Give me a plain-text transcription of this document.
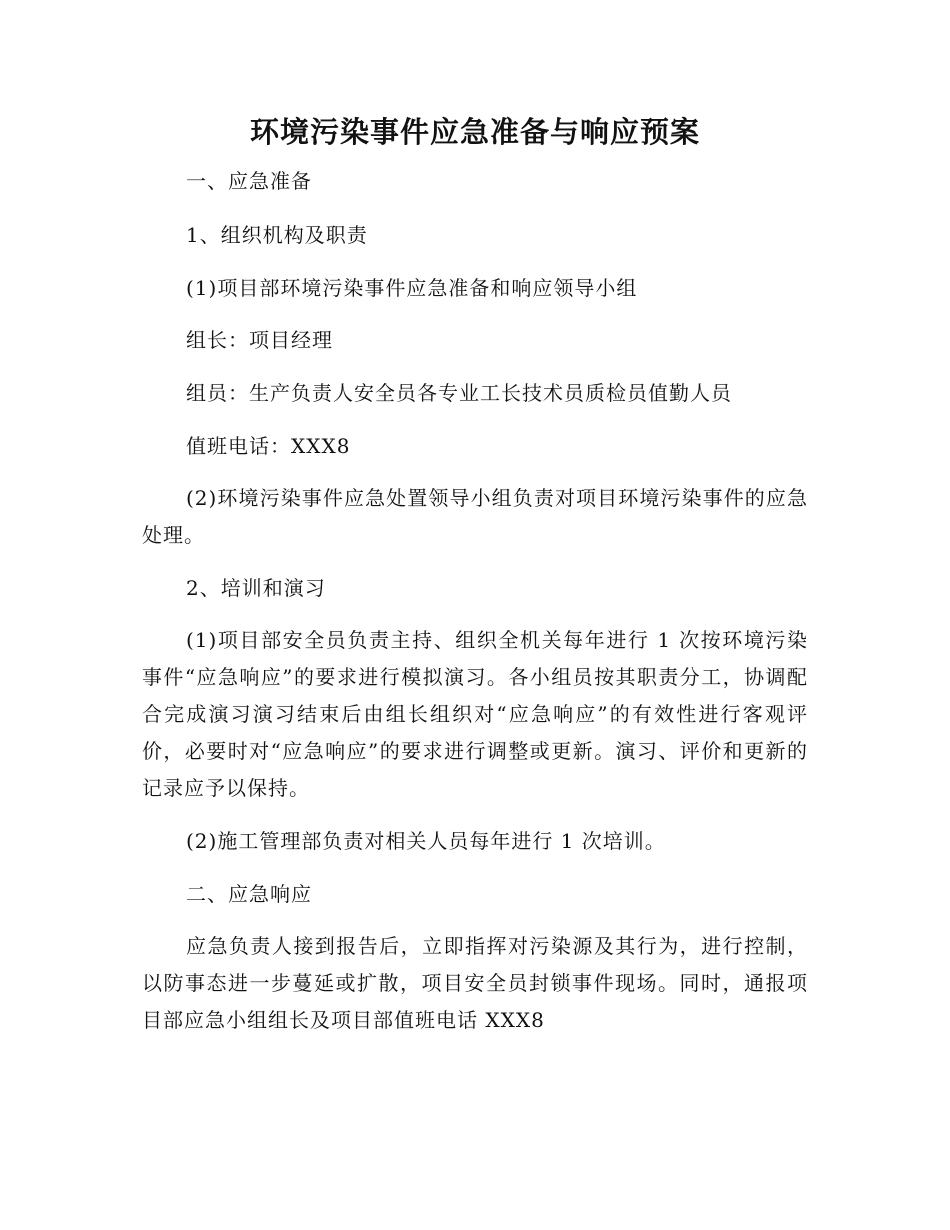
环境污染事件应急准备与响应预案
一、应急准备
1、组织机构及职责
(1)项目部环境污染事件应急准备和响应领导小组
组长：项目经理
组员：生产负责人安全员各专业工长技术员质检员值勤人员
值班电话：XXX8
(2)环境污染事件应急处置领导小组负责对项目环境污染事件的应急处理。
2、培训和演习
(1)项目部安全员负责主持、组织全机关每年进行 1 次按环境污染事件“应急响应”的要求进行模拟演习。各小组员按其职责分工，协调配合完成演习演习结束后由组长组织对“应急响应”的有效性进行客观评价，必要时对“应急响应”的要求进行调整或更新。演习、评价和更新的记录应予以保持。
(2)施工管理部负责对相关人员每年进行 1 次培训。
二、应急响应
应急负责人接到报告后，立即指挥对污染源及其行为，进行控制，以防事态进一步蔓延或扩散，项目安全员封锁事件现场。同时，通报项目部应急小组组长及项目部值班电话 XXX8
